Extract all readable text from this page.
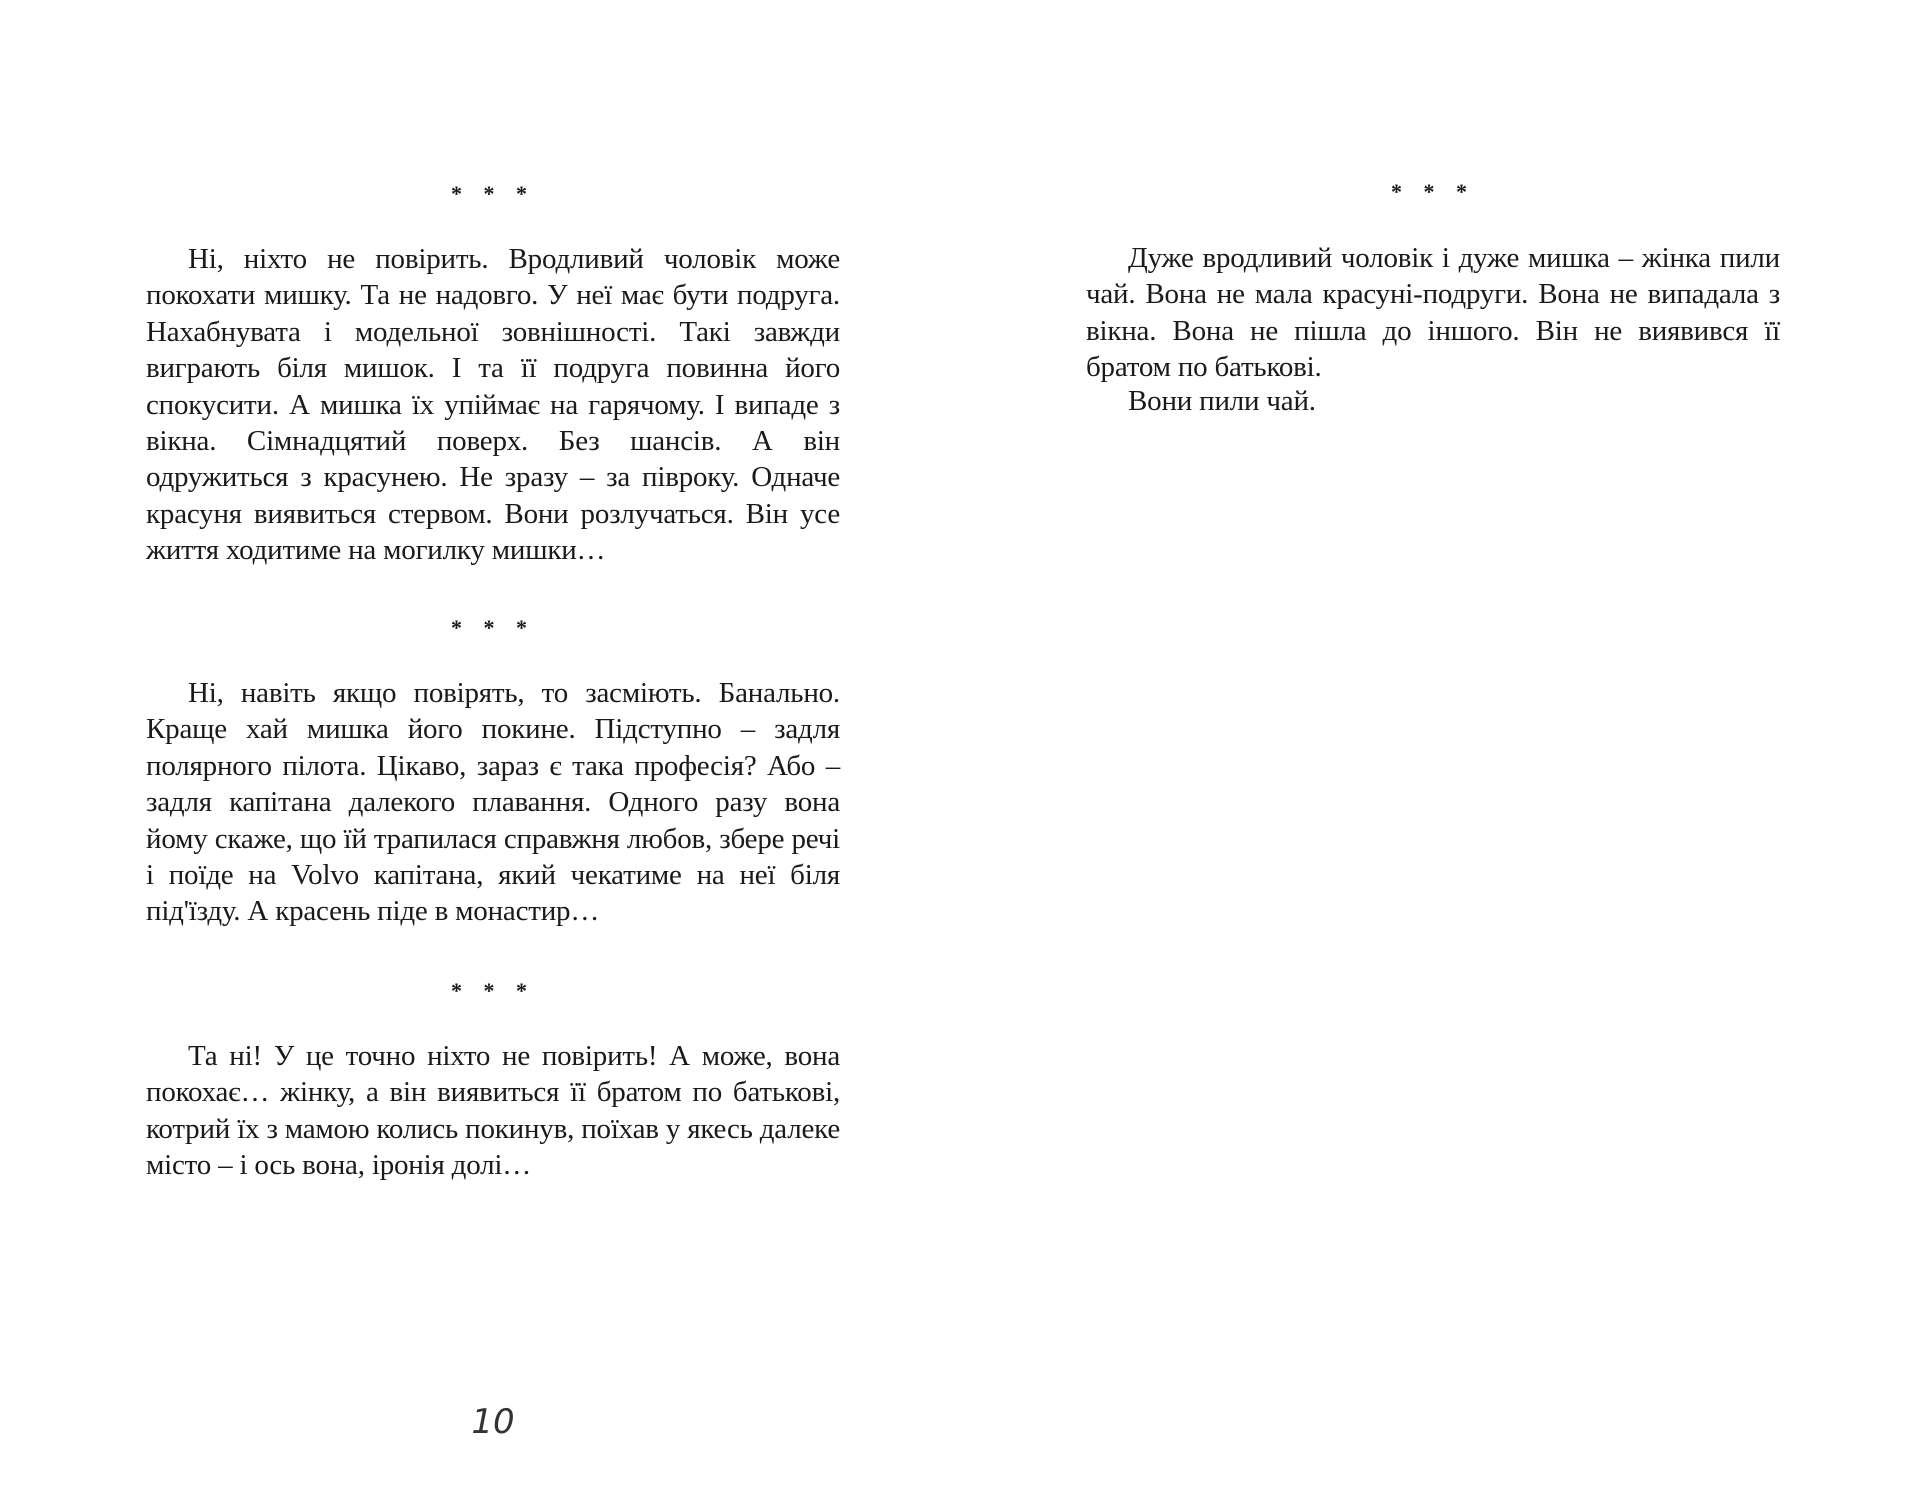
* * *

Ні, ніхто не повірить. Вродливий чоловік може покохати мишку. Та не надовго. У неї має бути подруга. Нахабнувата і модельної зовнішності. Такі завжди виграють біля мишок. І та її подруга повинна його спокусити. А мишка їх упіймає на гарячому. І випаде з вікна. Сімнадцятий поверх. Без шансів. А він одружиться з красунею. Не зразу – за півроку. Одначе красуня виявиться стервом. Вони розлучаться. Він усе життя ходитиме на могилку мишки…

* * *

Ні, навіть якщо повірять, то засміють. Банально. Краще хай мишка його покине. Підступно – задля полярного пілота. Цікаво, зараз є така професія? Або – задля капітана далекого плавання. Одного разу вона йому скаже, що їй трапилася справжня любов, збере речі і поїде на Volvo капітана, який чекатиме на неї біля під'їзду. А красень піде в монастир…

* * *

Та ні! У це точно ніхто не повірить! А може, вона покохає… жінку, а він виявиться її братом по батькові, котрий їх з мамою колись покинув, поїхав у якесь далеке місто – і ось вона, іронія долі…

10
* * *

Дуже вродливий чоловік і дуже мишка – жінка пили чай. Вона не мала красуні-подруги. Вона не випадала з вікна. Вона не пішла до іншого. Він не виявився її братом по батькові.

Вони пили чай.
